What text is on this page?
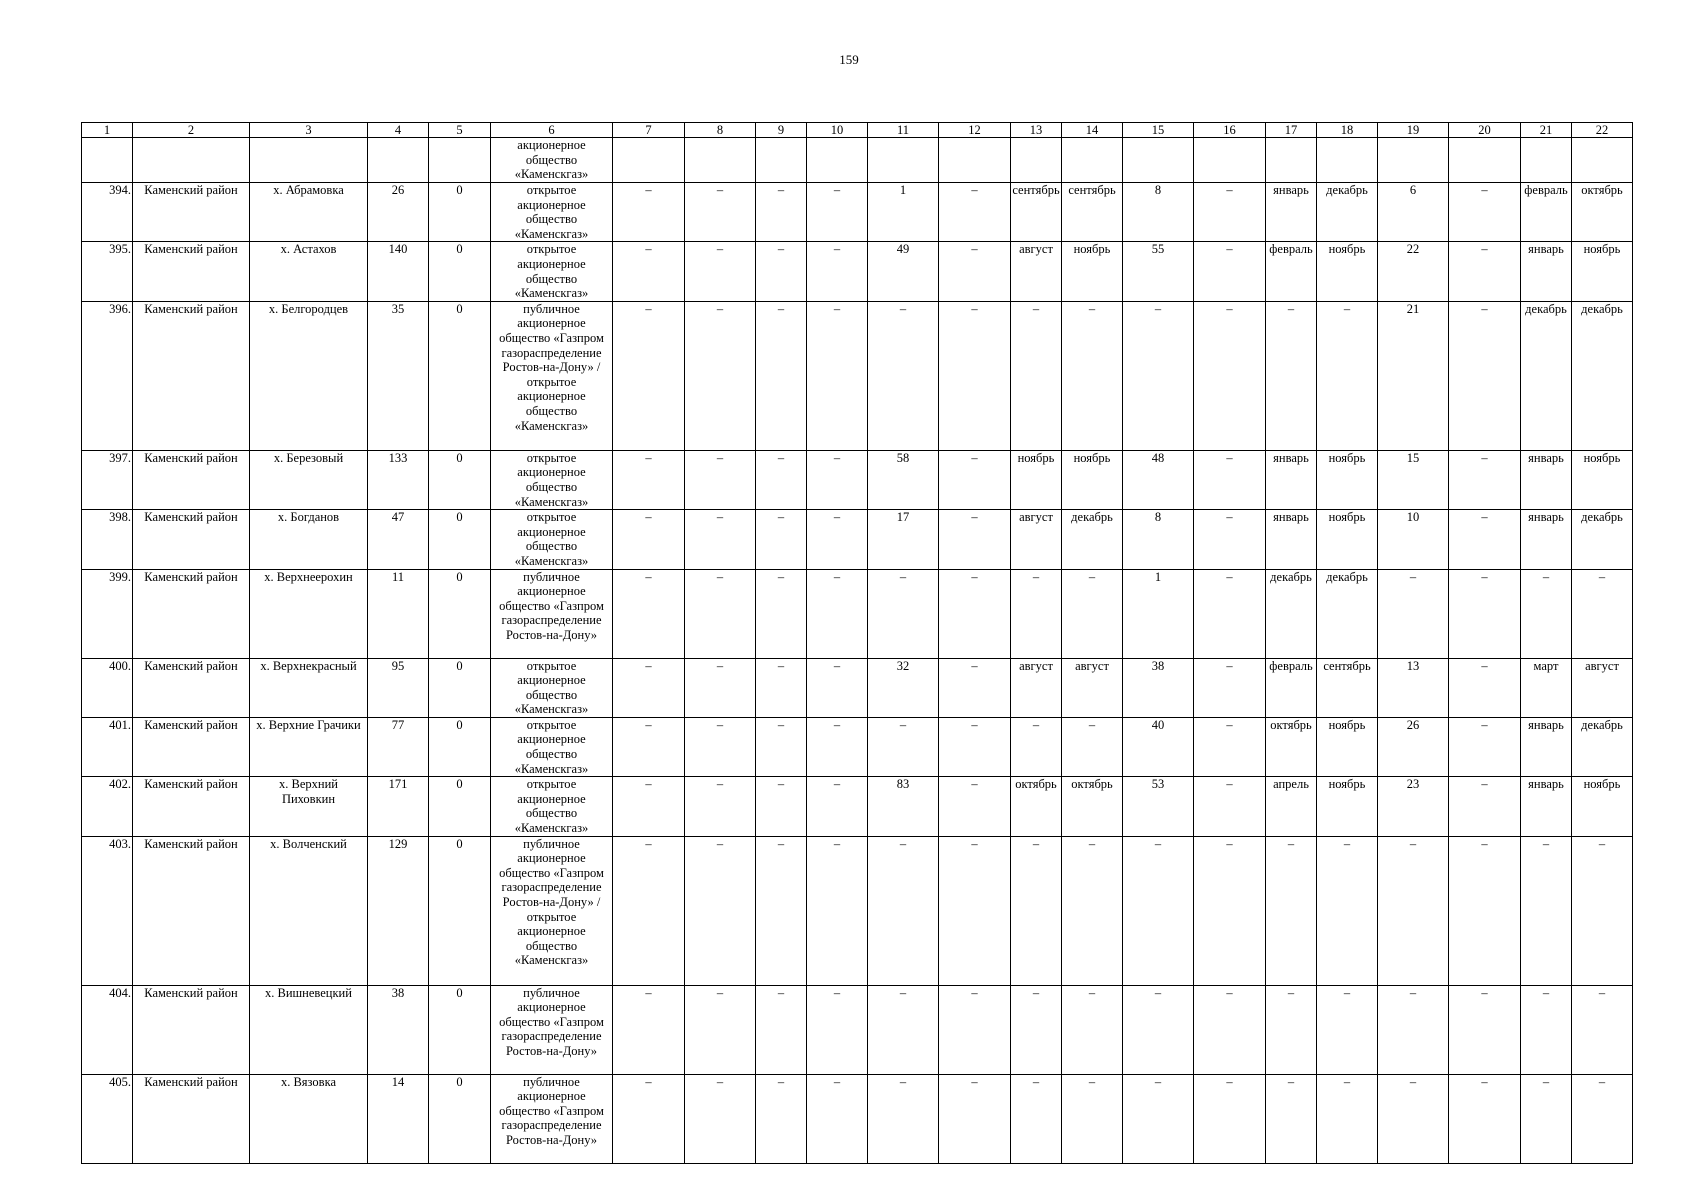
159
1	2	3	4	5	6	7	8	9	10	11	12	13	14	15	16	17	18	19	20	21	22
					акционерное общество «Каменскгаз»																
394.	Каменский район	х. Абрамовка	26	0	открытое акционерное общество «Каменскгаз»	–	–	–	–	1	–	сентябрь	сентябрь	8	–	январь	декабрь	6	–	февраль	октябрь
395.	Каменский район	х. Астахов	140	0	открытое акционерное общество «Каменскгаз»	–	–	–	–	49	–	август	ноябрь	55	–	февраль	ноябрь	22	–	январь	ноябрь
396.	Каменский район	х. Белгородцев	35	0	публичное акционерное общество «Газпром газораспределение Ростов-на-Дону» / открытое акционерное общество «Каменскгаз»	–	–	–	–	–	–	–	–	–	–	–	–	21	–	декабрь	декабрь
397.	Каменский район	х. Березовый	133	0	открытое акционерное общество «Каменскгаз»	–	–	–	–	58	–	ноябрь	ноябрь	48	–	январь	ноябрь	15	–	январь	ноябрь
398.	Каменский район	х. Богданов	47	0	открытое акционерное общество «Каменскгаз»	–	–	–	–	17	–	август	декабрь	8	–	январь	ноябрь	10	–	январь	декабрь
399.	Каменский район	х. Верхнеерохин	11	0	публичное акционерное общество «Газпром газораспределение Ростов-на-Дону»	–	–	–	–	–	–	–	–	1	–	декабрь	декабрь	–	–	–	–
400.	Каменский район	х. Верхнекрасный	95	0	открытое акционерное общество «Каменскгаз»	–	–	–	–	32	–	август	август	38	–	февраль	сентябрь	13	–	март	август
401.	Каменский район	х. Верхние Грачики	77	0	открытое акционерное общество «Каменскгаз»	–	–	–	–	–	–	–	–	40	–	октябрь	ноябрь	26	–	январь	декабрь
402.	Каменский район	х. Верхний Пиховкин	171	0	открытое акционерное общество «Каменскгаз»	–	–	–	–	83	–	октябрь	октябрь	53	–	апрель	ноябрь	23	–	январь	ноябрь
403.	Каменский район	х. Волченский	129	0	публичное акционерное общество «Газпром газораспределение Ростов-на-Дону» / открытое акционерное общество «Каменскгаз»	–	–	–	–	–	–	–	–	–	–	–	–	–	–	–	–
404.	Каменский район	х. Вишневецкий	38	0	публичное акционерное общество «Газпром газораспределение Ростов-на-Дону»	–	–	–	–	–	–	–	–	–	–	–	–	–	–	–	–
405.	Каменский район	х. Вязовка	14	0	публичное акционерное общество «Газпром газораспределение Ростов-на-Дону»	–	–	–	–	–	–	–	–	–	–	–	–	–	–	–	–
